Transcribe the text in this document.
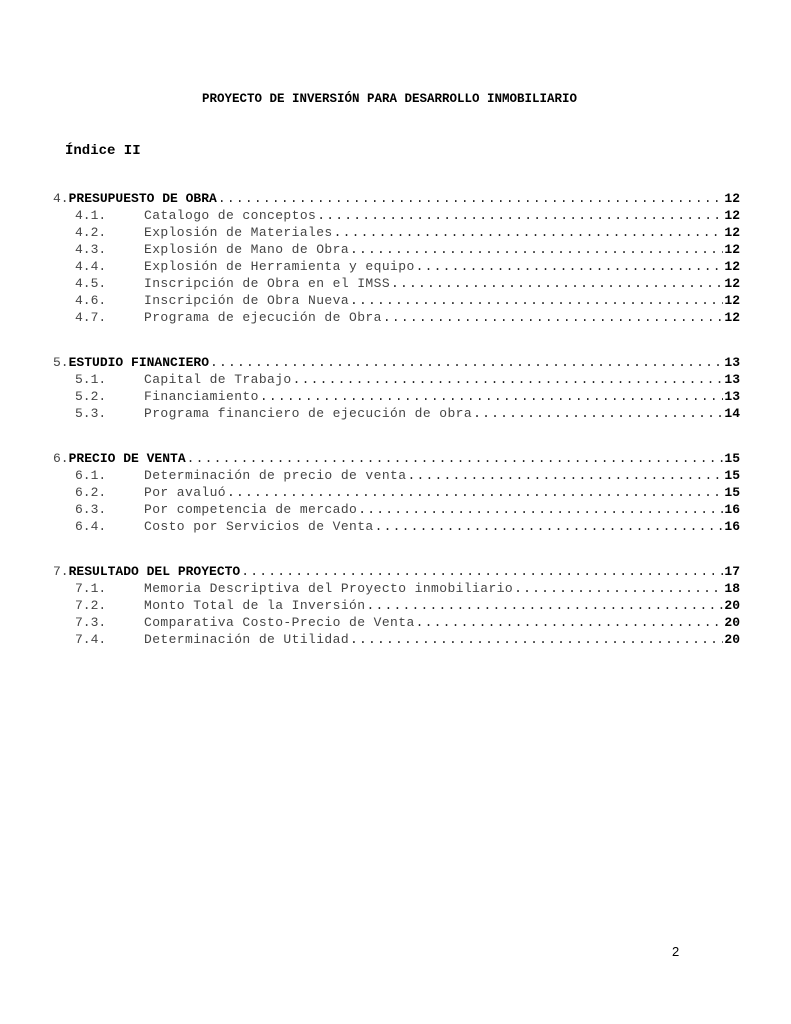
PROYECTO DE INVERSIÓN PARA DESARROLLO INMOBILIARIO
Índice II
4. PRESUPUESTO DE OBRA .....	12
4.1.	Catalogo de conceptos .....	12
4.2.	Explosión de Materiales .....	12
4.3.	Explosión de Mano de Obra .....	12
4.4.	Explosión de Herramienta y equipo .....	12
4.5.	Inscripción de Obra en el IMSS .....	12
4.6.	Inscripción de Obra Nueva .....	12
4.7.	Programa de ejecución de Obra .....	12
5. ESTUDIO FINANCIERO .....	13
5.1.	Capital de Trabajo .....	13
5.2.	Financiamiento .....	13
5.3.	Programa financiero de ejecución de obra .....	14
6. PRECIO DE VENTA .....	15
6.1.	Determinación de precio de venta .....	15
6.2.	Por avaluó .....	15
6.3.	Por competencia de mercado .....	16
6.4.	Costo por Servicios de Venta .....	16
7. RESULTADO DEL PROYECTO .....	17
7.1.	Memoria Descriptiva del Proyecto inmobiliario .....	18
7.2.	Monto Total de la Inversión .....	20
7.3.	Comparativa Costo-Precio de Venta .....	20
7.4.	Determinación de Utilidad .....	20
2
